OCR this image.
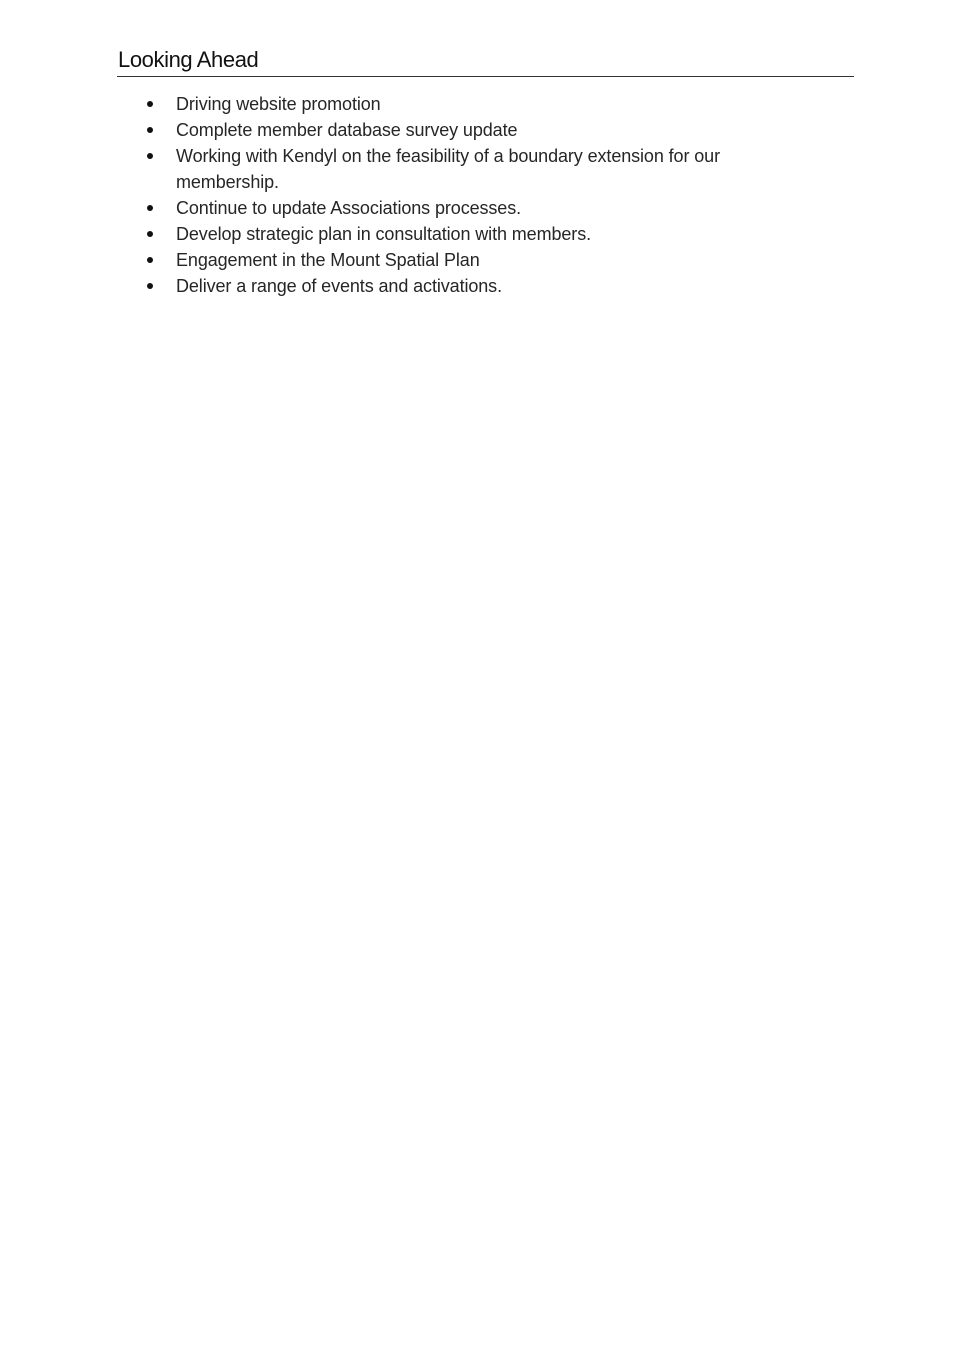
Looking Ahead
Driving website promotion
Complete member database survey update
Working with Kendyl on the feasibility of a boundary extension for our membership.
Continue to update Associations processes.
Develop strategic plan in consultation with members.
Engagement in the Mount Spatial Plan
Deliver a range of events and activations.
